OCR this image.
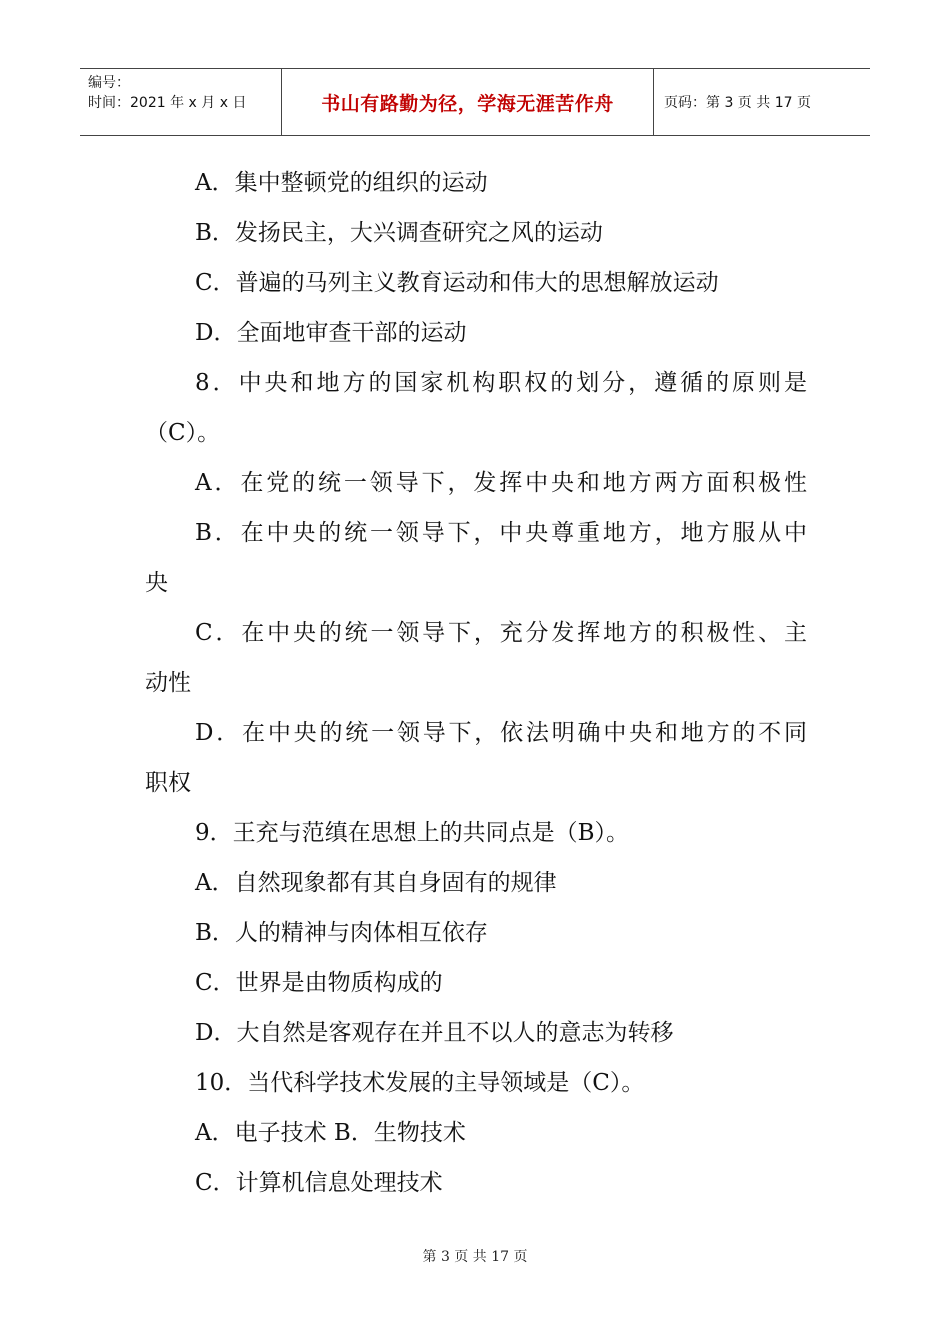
编号：
时间：2021 年 x 月 x 日	书山有路勤为径，学海无涯苦作舟	页码：第 3 页 共 17 页
A．集中整顿党的组织的运动
B．发扬民主，大兴调查研究之风的运动
C．普遍的马列主义教育运动和伟大的思想解放运动
D．全面地审查干部的运动
8．中央和地方的国家机构职权的划分，遵循的原则是
（C）。
A．在党的统一领导下，发挥中央和地方两方面积极性
B．在中央的统一领导下，中央尊重地方，地方服从中
央
C．在中央的统一领导下，充分发挥地方的积极性、主
动性
D．在中央的统一领导下，依法明确中央和地方的不同
职权
9．王充与范缜在思想上的共同点是（B）。
A．自然现象都有其自身固有的规律
B．人的精神与肉体相互依存
C．世界是由物质构成的
D．大自然是客观存在并且不以人的意志为转移
10．当代科学技术发展的主导领域是（C）。
A．电子技术 B．生物技术
C．计算机信息处理技术
第 3 页 共 17 页
